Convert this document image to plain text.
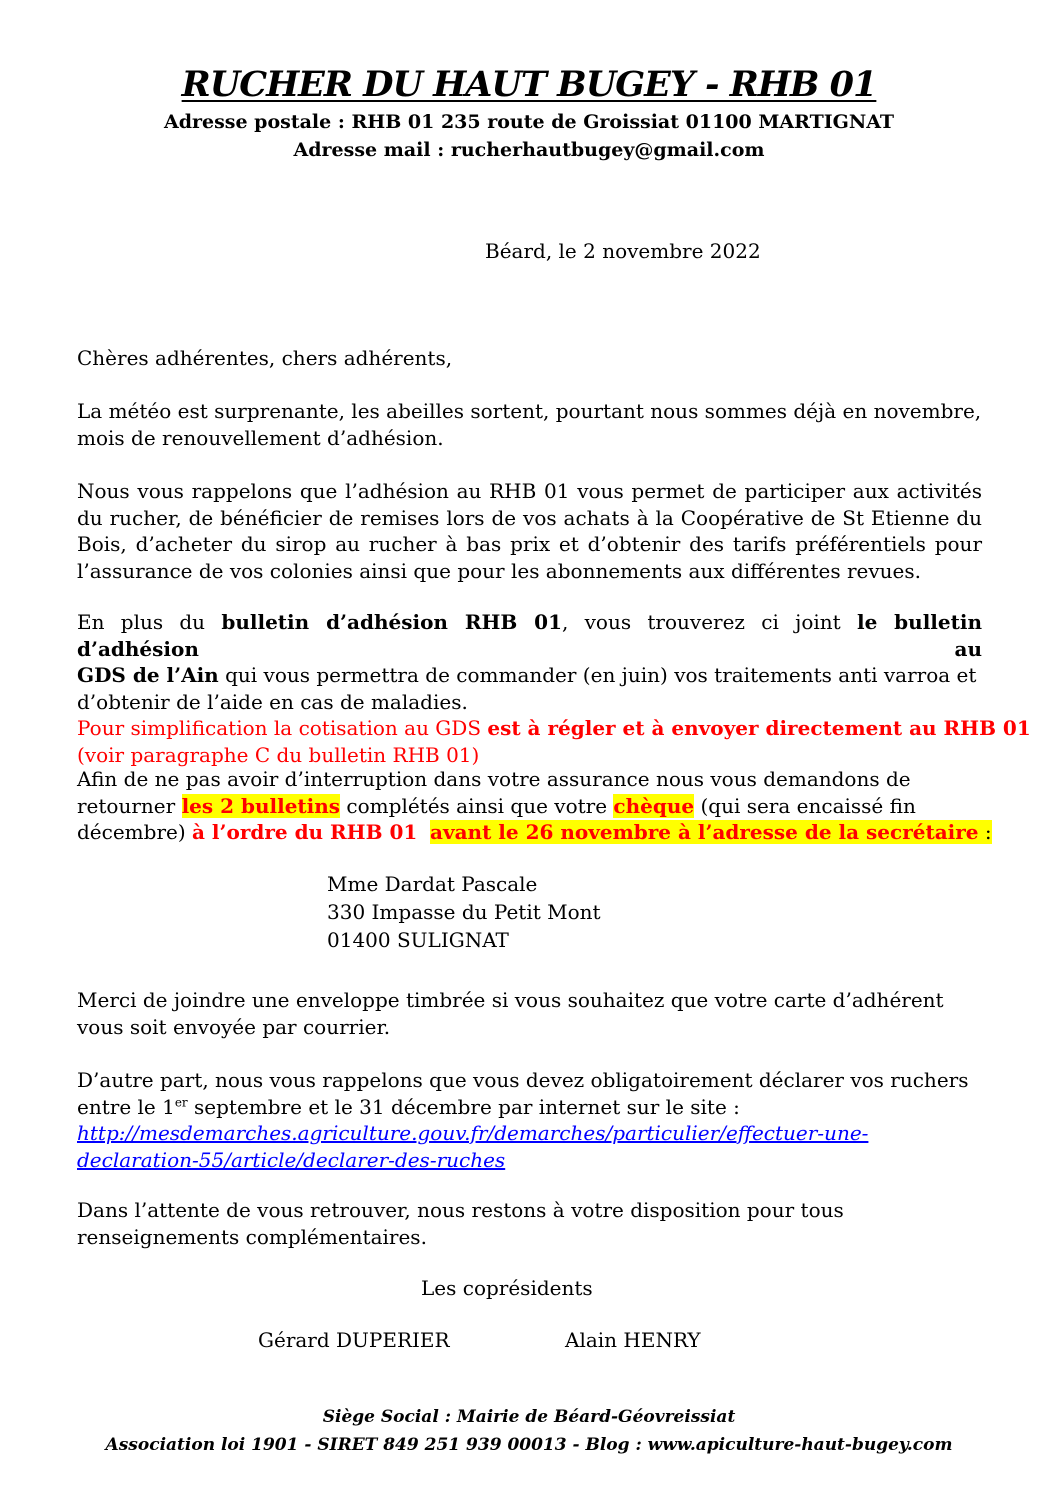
RUCHER DU HAUT BUGEY - RHB 01
Adresse postale : RHB 01 235 route de Groissiat 01100 MARTIGNAT
Adresse mail : rucherhautbugey@gmail.com
Béard, le 2 novembre 2022
Chères adhérentes, chers adhérents,
La météo est surprenante, les abeilles sortent, pourtant nous sommes déjà en novembre,
mois de renouvellement d’adhésion.
Nous vous rappelons que l’adhésion au RHB 01 vous permet de participer aux activités du rucher, de bénéficier de remises lors de vos achats à la Coopérative de St Etienne du Bois, d’acheter du sirop au rucher à bas prix et d’obtenir des tarifs préférentiels pour l’assurance de vos colonies ainsi que pour les abonnements aux différentes revues.
En plus du bulletin d’adhésion RHB 01, vous trouverez ci joint le bulletin d’adhésion au
GDS de l’Ain qui vous permettra de commander (en juin) vos traitements anti varroa et
d’obtenir de l’aide en cas de maladies.
Pour simplification la cotisation au GDS est à régler et à envoyer directement au RHB 01
(voir paragraphe C du bulletin RHB 01)
Afin de ne pas avoir d’interruption dans votre assurance nous vous demandons de
retourner les 2 bulletins complétés ainsi que votre chèque (qui sera encaissé fin
décembre) à l’ordre du RHB 01 avant le 26 novembre à l’adresse de la secrétaire :
Mme Dardat Pascale
330 Impasse du Petit Mont
01400 SULIGNAT
Merci de joindre une enveloppe timbrée si vous souhaitez que votre carte d’adhérent
vous soit envoyée par courrier.
D’autre part, nous vous rappelons que vous devez obligatoirement déclarer vos ruchers
entre le 1er septembre et le 31 décembre par internet sur le site :
http://mesdemarches.agriculture.gouv.fr/demarches/particulier/effectuer-une-
declaration-55/article/declarer-des-ruches
Dans l’attente de vous retrouver, nous restons à votre disposition pour tous
renseignements complémentaires.
Les coprésidents
Gérard DUPERIER	Alain HENRY
Siège Social : Mairie de Béard-Géovreissiat
Association loi 1901 - SIRET 849 251 939 00013 - Blog : www.apiculture-haut-bugey.com
